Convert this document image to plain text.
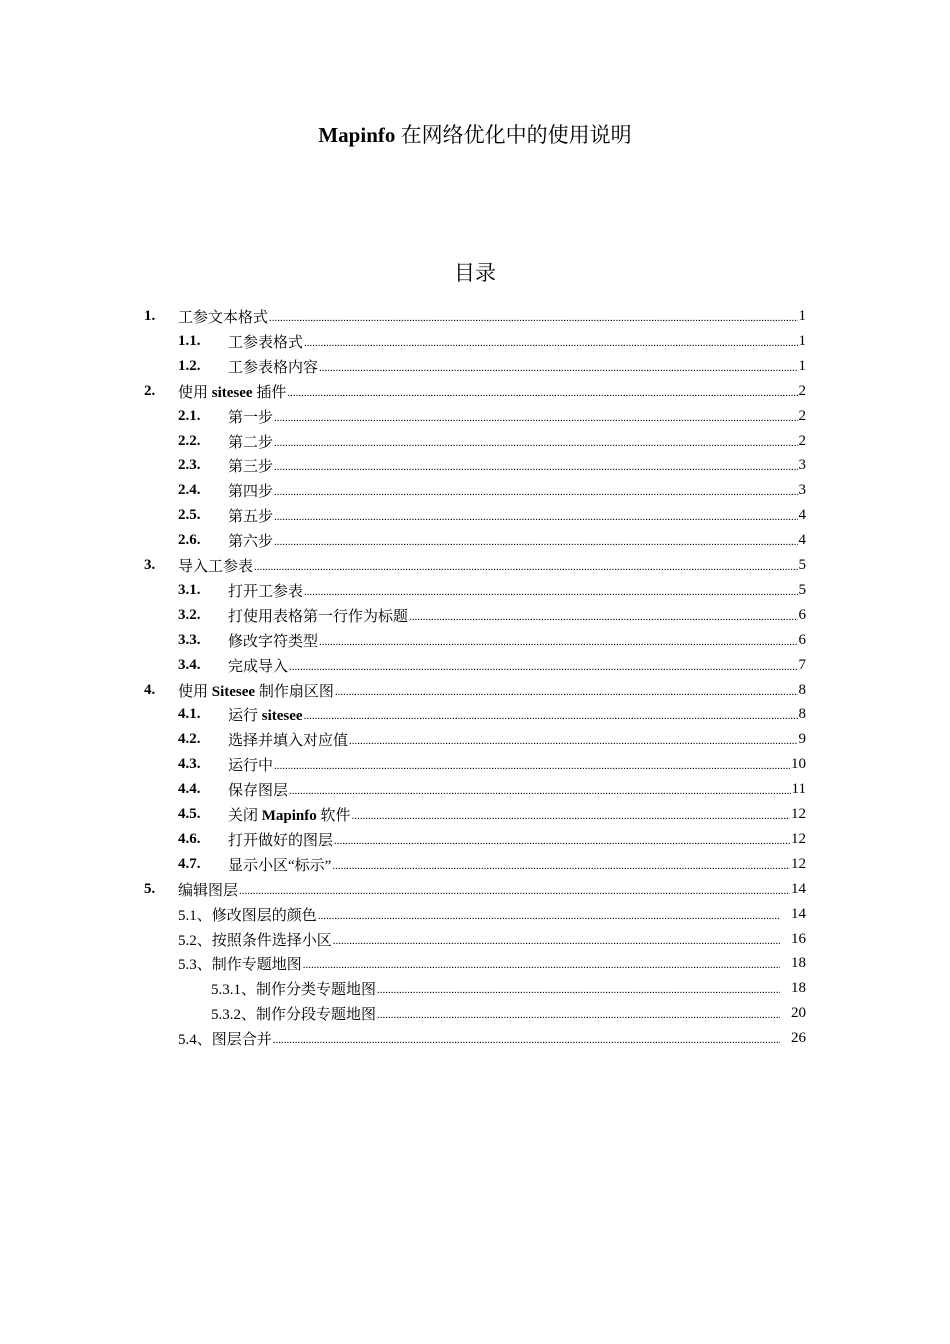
Mapinfo 在网络优化中的使用说明
目录
1.	工参文本格式 .....	1
1.1.	工参表格式 .....	1
1.2.	工参表格内容 .....	1
2.	使用 sitesee 插件 .....	2
2.1.	第一步 .....	2
2.2.	第二步 .....	2
2.3.	第三步 .....	3
2.4.	第四步 .....	3
2.5.	第五步 .....	4
2.6.	第六步 .....	4
3.	导入工参表 .....	5
3.1.	打开工参表 .....	5
3.2.	打使用表格第一行作为标题 .....	6
3.3.	修改字符类型 .....	6
3.4.	完成导入 .....	7
4.	使用 Sitesee 制作扇区图 .....	8
4.1.	运行 sitesee .....	8
4.2.	选择并填入对应值 .....	9
4.3.	运行中 .....	10
4.4.	保存图层 .....	11
4.5.	关闭 Mapinfo 软件 .....	12
4.6.	打开做好的图层 .....	12
4.7.	显示小区“标示” .....	12
5.	编辑图层 .....	14
5.1、修改图层的颜色 .....	14
5.2、按照条件选择小区 .....	16
5.3、制作专题地图 .....	18
5.3.1、制作分类专题地图 .....	18
5.3.2、制作分段专题地图 .....	20
5.4、图层合并 .....	26
